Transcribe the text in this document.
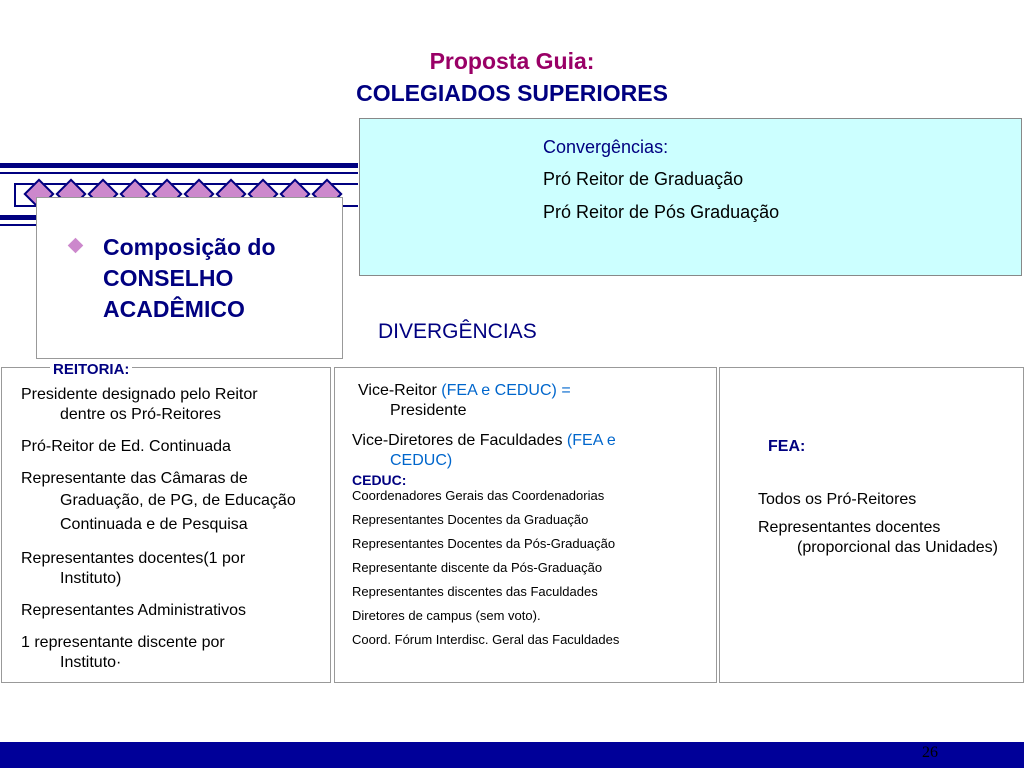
Proposta Guia:
COLEGIADOS SUPERIORES
Convergências:
Pró Reitor de Graduação
Pró Reitor de Pós Graduação
Composição do CONSELHO ACADÊMICO
DIVERGÊNCIAS
REITORIA:
Presidente designado pelo Reitor
dentre os Pró-Reitores
Pró-Reitor de Ed. Continuada
Representante das Câmaras de
Graduação, de PG, de Educação Continuada e de Pesquisa
Representantes docentes(1 por
Instituto)
Representantes Administrativos
1 representante discente por
Instituto·
Vice-Reitor (FEA e CEDUC) =
Presidente
Vice-Diretores de Faculdades (FEA e
CEDUC)
CEDUC:
Coordenadores Gerais das Coordenadorias
Representantes Docentes da Graduação
Representantes Docentes da Pós-Graduação
Representante discente da Pós-Graduação
Representantes discentes das Faculdades
Diretores de campus (sem voto).
Coord. Fórum Interdisc. Geral das Faculdades
FEA:
Todos os Pró-Reitores
Representantes docentes
(proporcional das Unidades)
26
